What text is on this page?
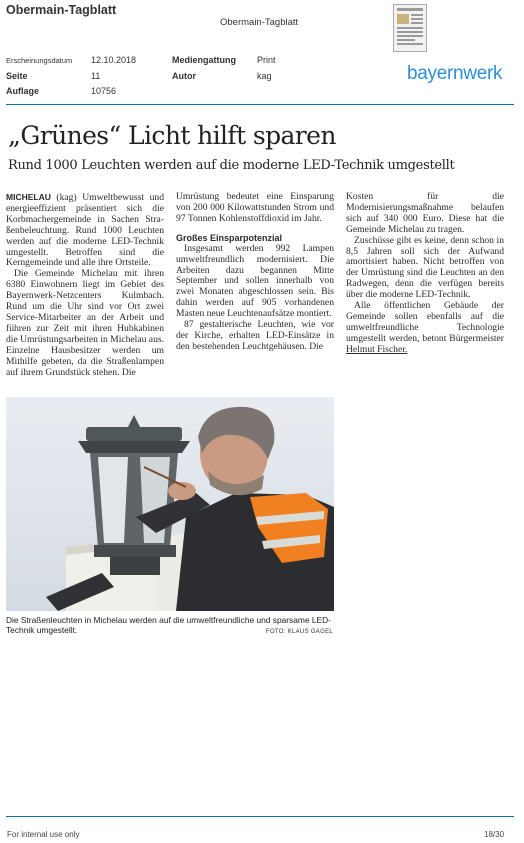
Obermain-Tagblatt
Obermain-Tagblatt
Erscheinungsdatum 12.10.2018	Mediengattung Print
Seite	11	Autor	kag
Auflage	10756
bayernwerk
„Grünes“ Licht hilft sparen
Rund 1000 Leuchten werden auf die moderne LED-Technik umgestellt

MICHELAU (kag) Umweltbewusst und energieeffizient präsentiert sich die Korbmachergemeinde in Sachen Straßenbeleuchtung. Rund 1000 Leuchten werden auf die moderne LED-Technik umgestellt. Betroffen sind die Kerngemeinde und alle ihre Ortsteile.

Die Gemeinde Michelau mit ihren 6380 Einwohnern liegt im Gebiet des Bayernwerk-Netzcenters Kulmbach. Rund um die Uhr sind vor Ort zwei Service-Mitarbeiter an der Arbeit und führen zur Zeit mit ihren Hubkabinen die Umrüstungsarbeiten in Michelau aus. Einzelne Hausbesitzer werden um Mithilfe gebeten, da die Straßenlampen auf ihrem Grundstück stehen. Die

Umrüstung bedeutet eine Einsparung von 200 000 Kilowattstunden Strom und 97 Tonnen Kohlenstoffdioxid im Jahr.

Großes Einsparpotenzial

Insgesamt werden 992 Lampen umweltfreundlich modernisiert. Die Arbeiten dazu begannen Mitte September und sollen innerhalb von zwei Monaten abgeschlossen sein. Bis dahin werden auf 905 vorhandenen Masten neue Leuchtenaufsätze montiert.

87 gestalterische Leuchten, wie vor der Kirche, erhalten LED-Einsätze in den bestehenden Leuchtgehäusen. Die

Kosten für die Modernisierungsmaßnahme belaufen sich auf 340 000 Euro. Diese hat die Gemeinde Michelau zu tragen.

Zuschüsse gibt es keine, denn schon in 8,5 Jahren soll sich der Aufwand amortisiert haben. Nicht betroffen von der Umrüstung sind die Leuchten an den Radwegen, denn die verfügen bereits über die moderne LED-Technik.

Alle öffentlichen Gebäude der Gemeinde sollen ebenfalls auf die umweltfreundliche Technologie umgestellt werden, betont Bürgermeister Helmut Fischer.

Die Straßenleuchten in Michelau werden auf die umweltfreundliche und sparsame LED-Technik umgestellt.	FOTO: KLAUS GAGEL
For internal use only	18/30
